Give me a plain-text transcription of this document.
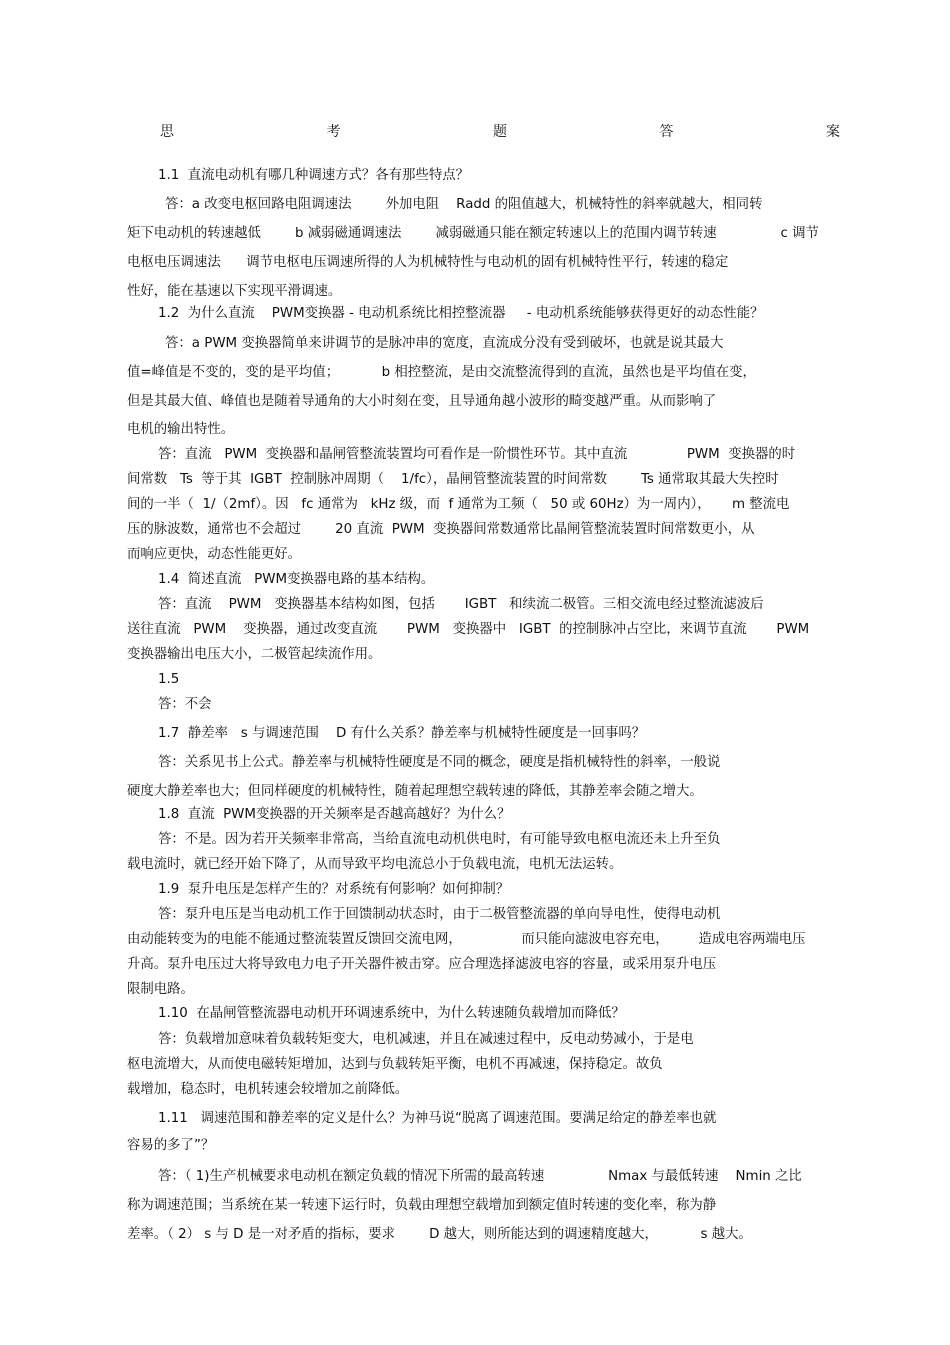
思	考	题	答	案
1.1  直流电动机有哪几种调速方式？各有那些特点？
答：a 改变电枢回路电阻调速法        外加电阻    Radd 的阻值越大，机械特性的斜率就越大，相同转
矩下电动机的转速越低        b 减弱磁通调速法        减弱磁通只能在额定转速以上的范围内调节转速               c 调节
电枢电压调速法      调节电枢电压调速所得的人为机械特性与电动机的固有机械特性平行，转速的稳定
性好，能在基速以下实现平滑调速。
1.2  为什么直流    PWM变换器 - 电动机系统比相控整流器     - 电动机系统能够获得更好的动态性能？
答：a PWM 变换器简单来讲调节的是脉冲串的宽度，直流成分没有受到破坏，也就是说其最大
值=峰值是不变的，变的是平均值；          b 相控整流，是由交流整流得到的直流，虽然也是平均值在变，
但是其最大值、峰值也是随着导通角的大小时刻在变，且导通角越小波形的畸变越严重。从而影响了
电机的输出特性。
答：直流   PWM  变换器和晶闸管整流装置均可看作是一阶惯性环节。其中直流              PWM  变换器的时
间常数   Ts  等于其  IGBT  控制脉冲周期（    1/fc），晶闸管整流装置的时间常数        Ts 通常取其最大失控时
间的一半（  1/（2mf）。因   fc 通常为   kHz 级，而  f 通常为工频（   50 或 60Hz）为一周内），     m 整流电
压的脉波数，通常也不会超过        20 直流  PWM  变换器间常数通常比晶闸管整流装置时间常数更小，从
而响应更快，动态性能更好。
1.4  简述直流   PWM变换器电路的基本结构。
答：直流    PWM   变换器基本结构如图，包括       IGBT   和续流二极管。三相交流电经过整流滤波后
送往直流   PWM    变换器，通过改变直流       PWM   变换器中   IGBT  的控制脉冲占空比，来调节直流       PWM
变换器输出电压大小，二极管起续流作用。
1.5
答：不会
1.7  静差率   s 与调速范围    D 有什么关系？静差率与机械特性硬度是一回事吗？
答：关系见书上公式。静差率与机械特性硬度是不同的概念，硬度是指机械特性的斜率，一般说
硬度大静差率也大；但同样硬度的机械特性，随着起理想空载转速的降低，其静差率会随之增大。
1.8  直流  PWM变换器的开关频率是否越高越好？为什么？
答：不是。因为若开关频率非常高，当给直流电动机供电时，有可能导致电枢电流还未上升至负
载电流时，就已经开始下降了，从而导致平均电流总小于负载电流，电机无法运转。
1.9  泵升电压是怎样产生的？对系统有何影响？如何抑制？
答：泵升电压是当电动机工作于回馈制动状态时，由于二极管整流器的单向导电性，使得电动机
由动能转变为的电能不能通过整流装置反馈回交流电网，              而只能向滤波电容充电，       造成电容两端电压
升高。泵升电压过大将导致电力电子开关器件被击穿。应合理选择滤波电容的容量，或采用泵升电压
限制电路。
1.10  在晶闸管整流器电动机开环调速系统中，为什么转速随负载增加而降低？
答：负载增加意味着负载转矩变大，电机减速，并且在减速过程中，反电动势减小，于是电
枢电流增大，从而使电磁转矩增加，达到与负载转矩平衡，电机不再减速，保持稳定。故负
载增加，稳态时，电机转速会较增加之前降低。
1.11   调速范围和静差率的定义是什么？为神马说“脱离了调速范围。要满足给定的静差率也就
容易的多了”？
答：（ 1)生产机械要求电动机在额定负载的情况下所需的最高转速               Nmax 与最低转速    Nmin 之比
称为调速范围；当系统在某一转速下运行时，负载由理想空载增加到额定值时转速的变化率，称为静
差率。（ 2） s 与 D 是一对矛盾的指标，要求        D 越大，则所能达到的调速精度越大，          s 越大。
